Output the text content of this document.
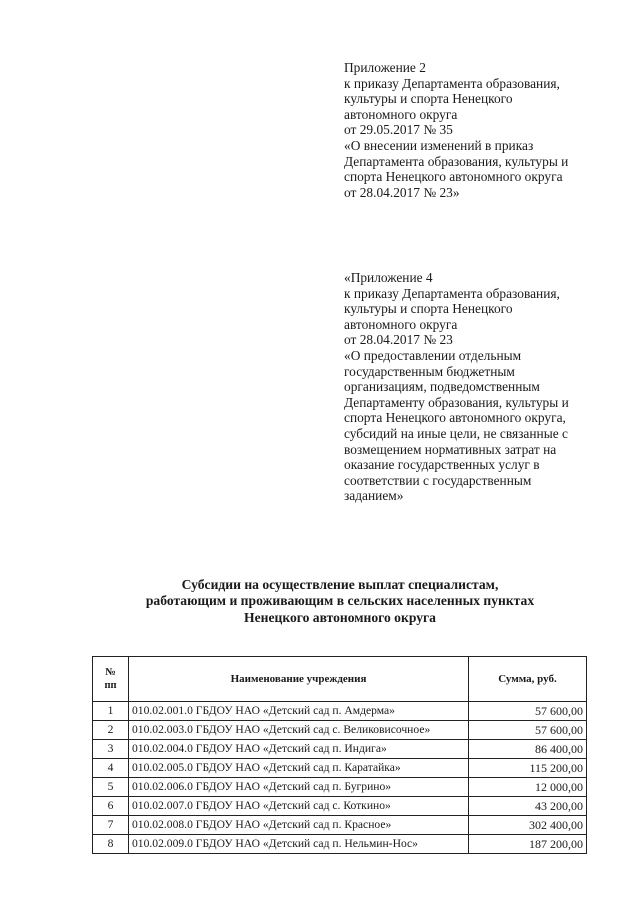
Приложение 2
к приказу Департамента образования,
культуры и спорта Ненецкого
автономного округа
от 29.05.2017 № 35
«О внесении изменений в приказ
Департамента образования, культуры и
спорта Ненецкого автономного округа
от 28.04.2017 № 23»
«Приложение 4
к приказу Департамента образования,
культуры и спорта Ненецкого
автономного округа
от 28.04.2017 № 23
«О предоставлении отдельным
государственным бюджетным
организациям, подведомственным
Департаменту образования, культуры и
спорта Ненецкого автономного округа,
субсидий на иные цели, не связанные с
возмещением нормативных затрат на
оказание государственных услуг в
соответствии с государственным
заданием»
Субсидии на осуществление выплат специалистам,
работающим и проживающим в сельских населенных пунктах
Ненецкого автономного округа
№
пп	Наименование учреждения	Сумма, руб.
1	010.02.001.0 ГБДОУ НАО «Детский сад п. Амдерма»	57 600,00
2	010.02.003.0 ГБДОУ НАО «Детский сад с. Великовисочное»	57 600,00
3	010.02.004.0 ГБДОУ НАО «Детский сад п. Индига»	86 400,00
4	010.02.005.0 ГБДОУ НАО «Детский сад п. Каратайка»	115 200,00
5	010.02.006.0 ГБДОУ НАО «Детский сад п. Бугрино»	12 000,00
6	010.02.007.0 ГБДОУ НАО «Детский сад с. Коткино»	43 200,00
7	010.02.008.0 ГБДОУ НАО «Детский сад п. Красное»	302 400,00
8	010.02.009.0 ГБДОУ НАО «Детский сад п. Нельмин-Нос»	187 200,00
